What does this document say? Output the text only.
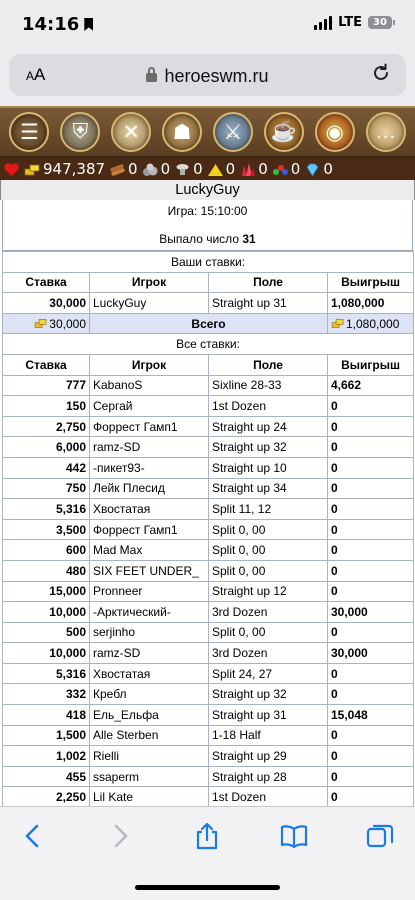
14:16	LTE	30
AA	heroeswm.ru
☰	⛨	✕	☗	⚔	☕	◉	…
947,387 0 0 0 0 0 0 0
LuckyGuy
Игра: 15:10:00
Выпало число 31
Ваши ставки:			
Ставка	Игрок	Поле	Выигрыш
30,000	LuckyGuy	Straight up 31	1,080,000
30,000	Всего		1,080,000
Все ставки:			
Ставка	Игрок	Поле	Выигрыш
777	KabanoS	Sixline 28-33	4,662
150	Сергай	1st Dozen	0
2,750	Форрест Гамп1	Straight up 24	0
6,000	ramz-SD	Straight up 32	0
442	-пикет93-	Straight up 10	0
750	Лейк Плесид	Straight up 34	0
5,316	Хвостатая	Split 11, 12	0
3,500	Форрест Гамп1	Split 0, 00	0
600	Mad Max	Split 0, 00	0
480	SIX FEET UNDER_	Split 0, 00	0
15,000	Pronneer	Straight up 12	0
10,000	-Арктический-	3rd Dozen	30,000
500	serjinho	Split 0, 00	0
10,000	ramz-SD	3rd Dozen	30,000
5,316	Хвостатая	Split 24, 27	0
332	Кребл	Straight up 32	0
418	Ель_Ельфа	Straight up 31	15,048
1,500	Alle Sterben	1-18 Half	0
1,002	Rielli	Straight up 29	0
455	ssaperm	Straight up 28	0
2,250	Lil Kate	1st Dozen	0
